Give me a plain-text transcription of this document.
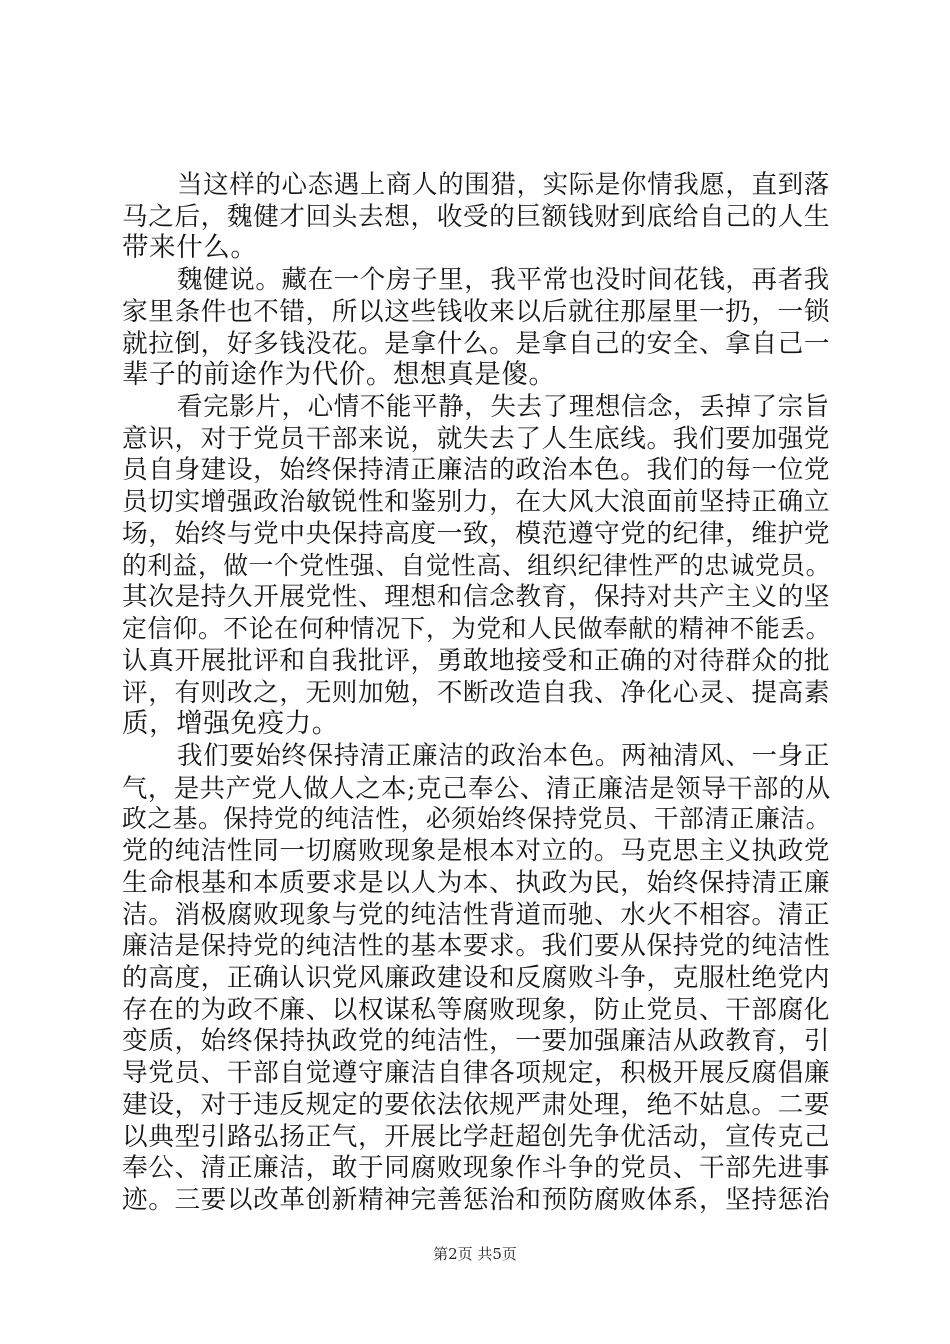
当这样的心态遇上商人的围猎，实际是你情我愿，直到落
马之后，魏健才回头去想，收受的巨额钱财到底给自己的人生
带来什么。
魏健说。藏在一个房子里，我平常也没时间花钱，再者我
家里条件也不错，所以这些钱收来以后就往那屋里一扔，一锁
就拉倒，好多钱没花。是拿什么。是拿自己的安全、拿自己一
辈子的前途作为代价。想想真是傻。
看完影片，心情不能平静，失去了理想信念，丢掉了宗旨
意识，对于党员干部来说，就失去了人生底线。我们要加强党
员自身建设，始终保持清正廉洁的政治本色。我们的每一位党
员切实增强政治敏锐性和鉴别力，在大风大浪面前坚持正确立
场，始终与党中央保持高度一致，模范遵守党的纪律，维护党
的利益，做一个党性强、自觉性高、组织纪律性严的忠诚党员。
其次是持久开展党性、理想和信念教育，保持对共产主义的坚
定信仰。不论在何种情况下，为党和人民做奉献的精神不能丢。
认真开展批评和自我批评，勇敢地接受和正确的对待群众的批
评，有则改之，无则加勉，不断改造自我、净化心灵、提高素
质，增强免疫力。
我们要始终保持清正廉洁的政治本色。两袖清风、一身正
气，是共产党人做人之本;克己奉公、清正廉洁是领导干部的从
政之基。保持党的纯洁性，必须始终保持党员、干部清正廉洁。
党的纯洁性同一切腐败现象是根本对立的。马克思主义执政党
生命根基和本质要求是以人为本、执政为民，始终保持清正廉
洁。消极腐败现象与党的纯洁性背道而驰、水火不相容。清正
廉洁是保持党的纯洁性的基本要求。我们要从保持党的纯洁性
的高度，正确认识党风廉政建设和反腐败斗争，克服杜绝党内
存在的为政不廉、以权谋私等腐败现象，防止党员、干部腐化
变质，始终保持执政党的纯洁性，一要加强廉洁从政教育，引
导党员、干部自觉遵守廉洁自律各项规定，积极开展反腐倡廉
建设，对于违反规定的要依法依规严肃处理，绝不姑息。二要
以典型引路弘扬正气，开展比学赶超创先争优活动，宣传克己
奉公、清正廉洁，敢于同腐败现象作斗争的党员、干部先进事
迹。三要以改革创新精神完善惩治和预防腐败体系，坚持惩治
第2页 共5页
